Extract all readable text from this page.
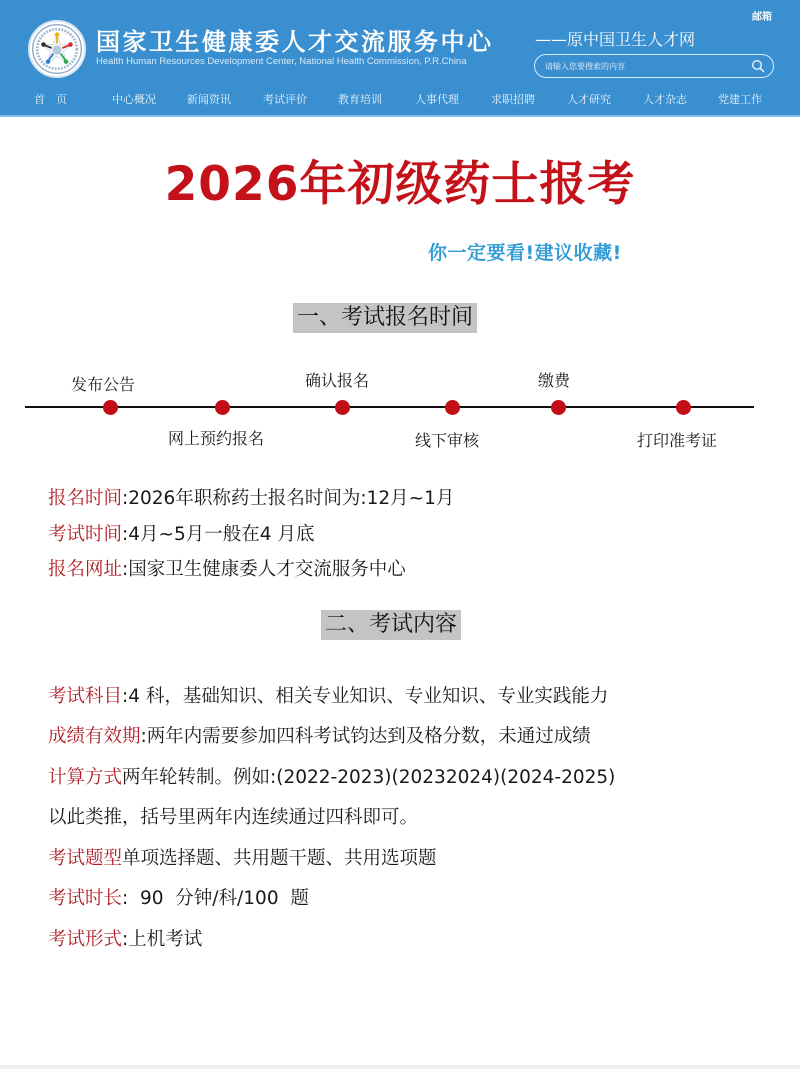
国家卫生健康委人才交流服务中心
Health Human Resources Development Center, National Health Commission, P.R.China
——原中国卫生人才网
邮箱
请输入您要搜索的内容
首　页	中心概况	新闻资讯	考试评价	教育培训	人事代理	求职招聘	人才研究	人才杂志	党建工作
2026年初级药士报考
你一定要看!建议收藏!
一、考试报名时间
发布公告
网上预约报名
确认报名
线下审核
缴费
打印准考证
报名时间:2026年职称药士报名时间为:12月~1月
考试时间:4月~5月一般在4 月底
报名网址:国家卫生健康委人才交流服务中心
二、考试内容
考试科目:4 科，基础知识、相关专业知识、专业知识、专业实践能力
成绩有效期:两年内需要参加四科考试钧达到及格分数，未通过成绩
计算方式两年轮转制。例如:(2022-2023)(20232024)(2024-2025)
以此类推，括号里两年内连续通过四科即可。
考试题型单项选择题、共用题干题、共用选项题
考试时长:  90  分钟/科/100  题
考试形式:上机考试
